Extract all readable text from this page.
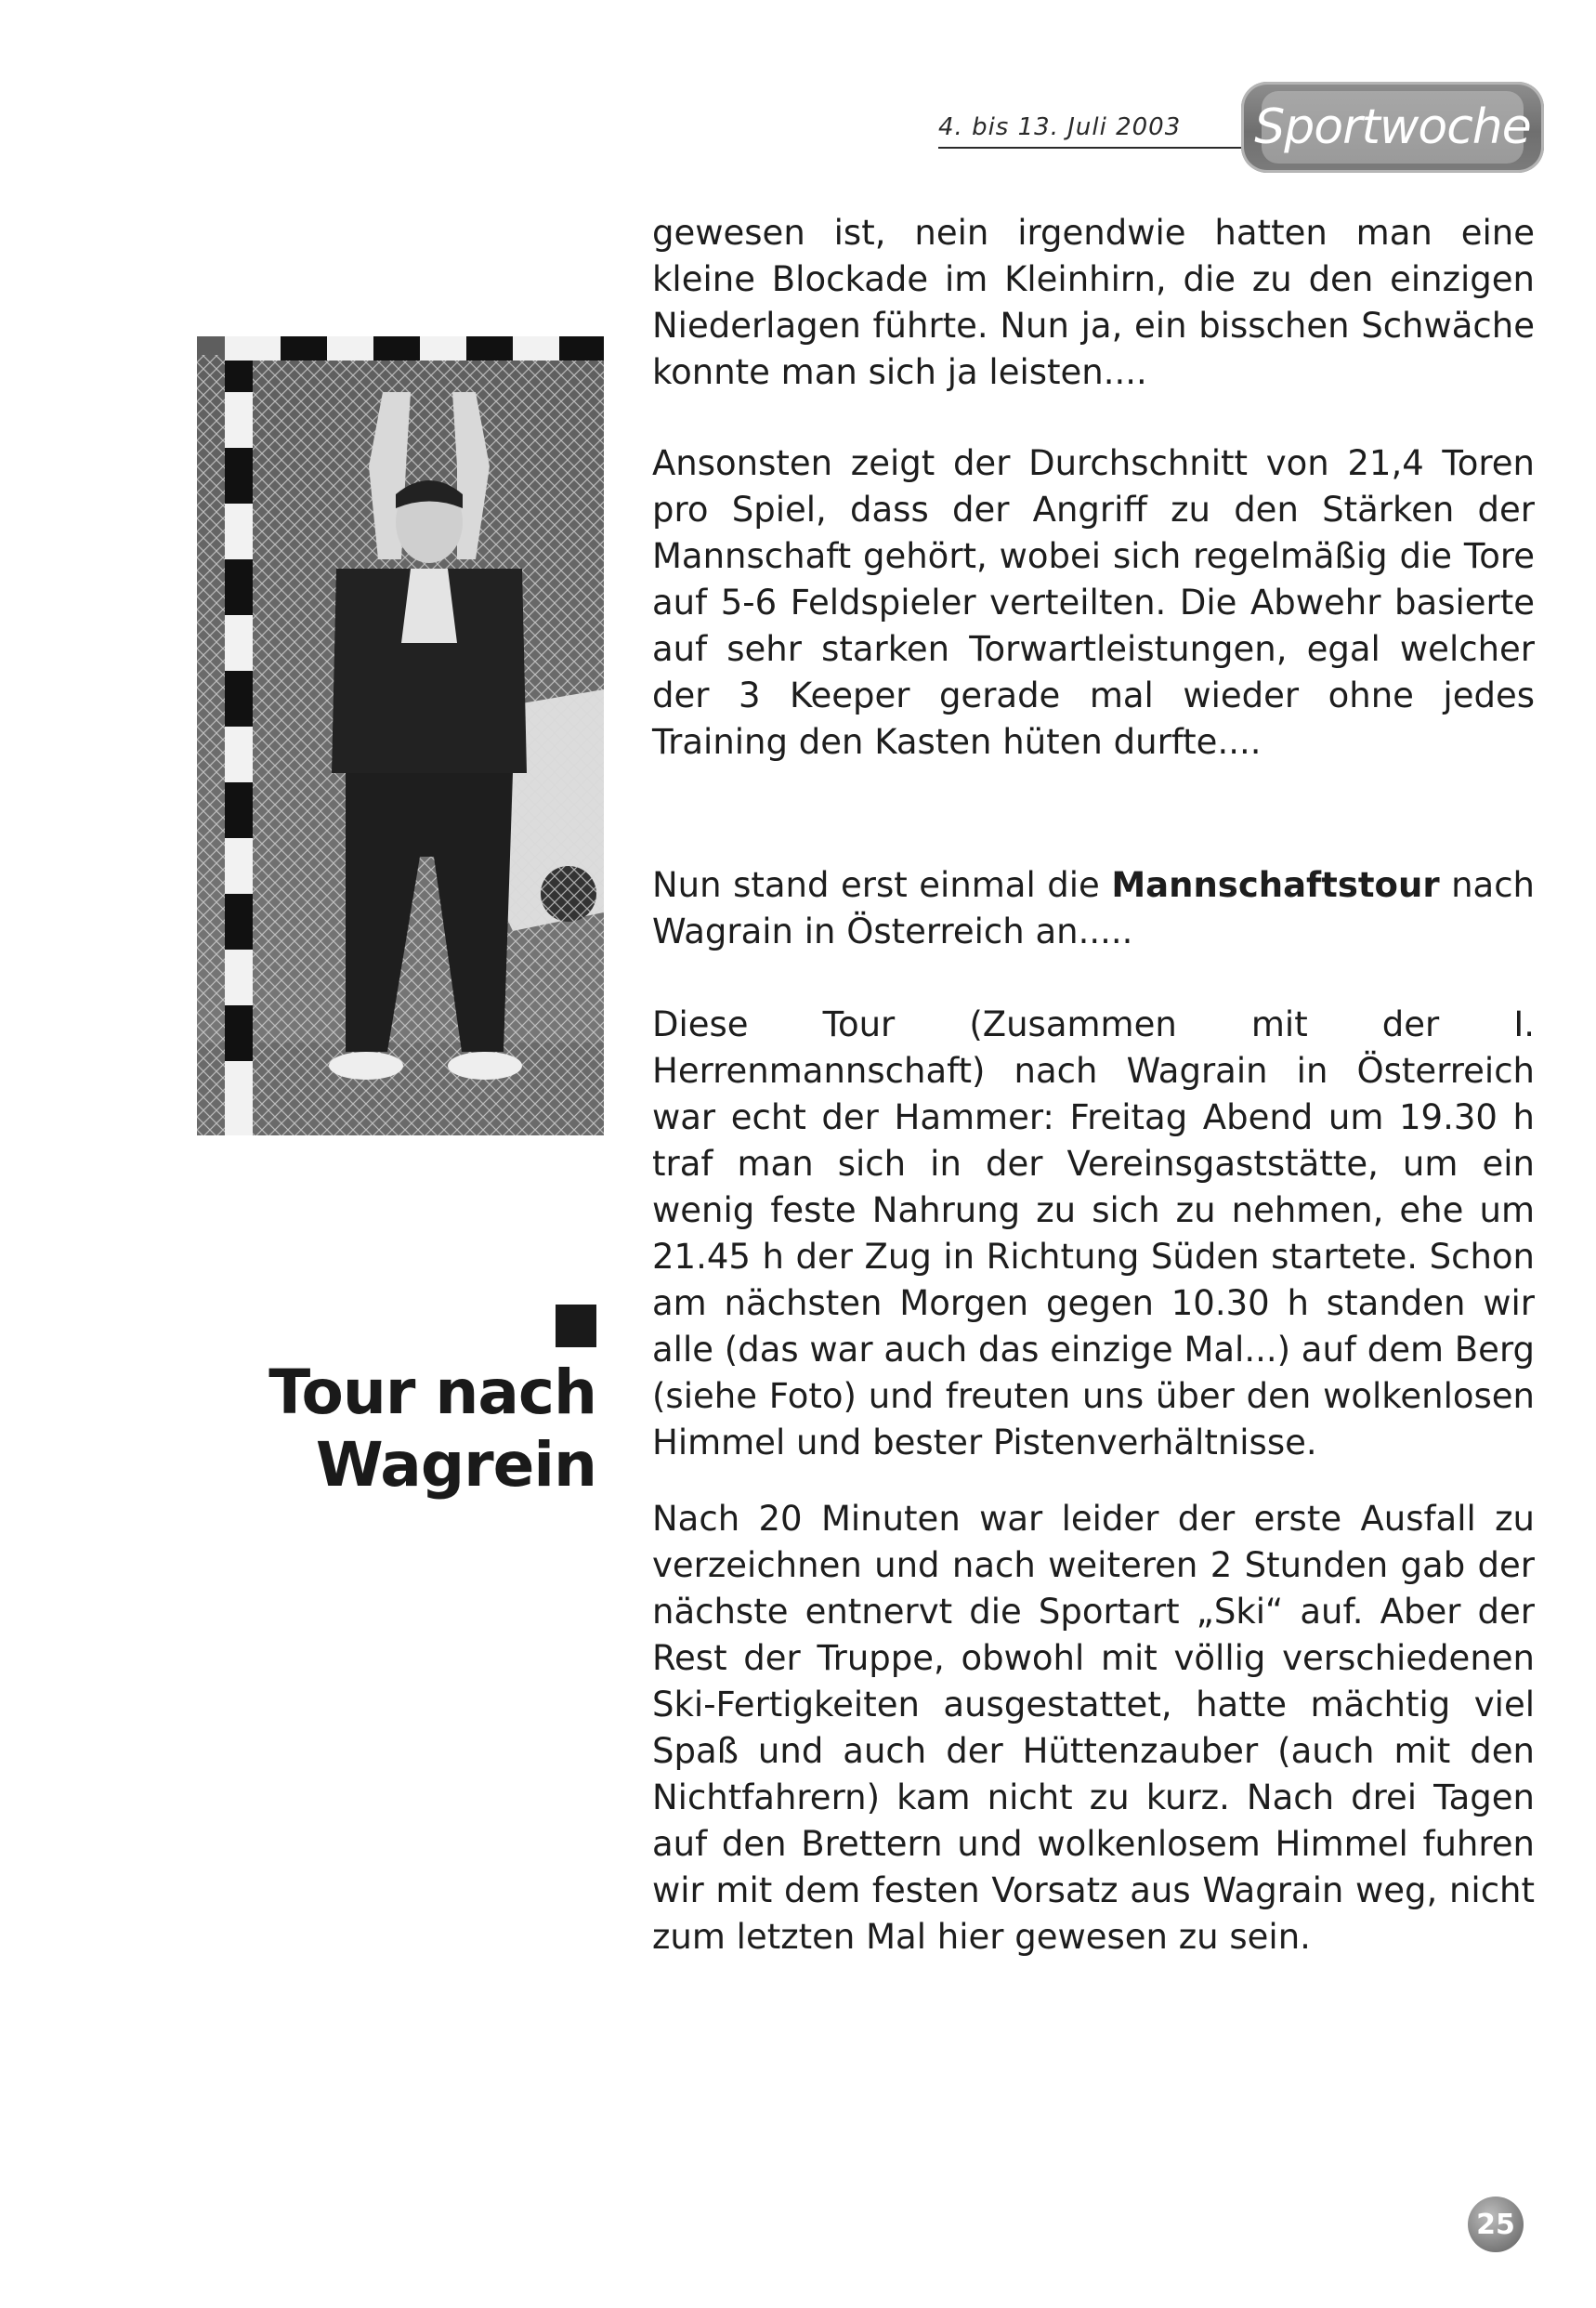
4. bis 13. Juli 2003 Sportwoche
Tour nach
Wagrein

gewesen ist, nein irgendwie hatten man eine kleine Blockade im Kleinhirn, die zu den einzigen Niederlagen führte. Nun ja, ein bisschen Schwäche konnte man sich ja leisten....

Ansonsten zeigt der Durchschnitt von 21,4 Toren pro Spiel, dass der Angriff zu den Stärken der Mannschaft gehört, wobei sich regelmäßig die Tore auf 5-6 Feldspieler verteilten. Die Abwehr basierte auf sehr starken Torwartleistungen, egal welcher der 3 Keeper gerade mal wieder ohne jedes Training den Kasten hüten durfte....

Nun stand erst einmal die Mannschaftstour nach Wagrain in Österreich an.....

Diese Tour (Zusammen mit der I. Herrenmannschaft) nach Wagrain in Österreich war echt der Hammer: Freitag Abend um 19.30 h traf man sich in der Vereinsgaststätte, um ein wenig feste Nahrung zu sich zu nehmen, ehe um 21.45 h der Zug in Richtung Süden startete. Schon am nächsten Morgen gegen 10.30 h standen wir alle (das war auch das einzige Mal...) auf dem Berg (siehe Foto) und freuten uns über den wolkenlosen Himmel und bester Pistenverhältnisse.

Nach 20 Minuten war leider der erste Ausfall zu verzeichnen und nach weiteren 2 Stunden gab der nächste entnervt die Sportart „Ski“ auf. Aber der Rest der Truppe, obwohl mit völlig verschiedenen Ski-Fertigkeiten ausgestattet, hatte mächtig viel Spaß und auch der Hüttenzauber (auch mit den Nichtfahrern) kam nicht zu kurz. Nach drei Tagen auf den Brettern und wolkenlosem Himmel fuhren wir mit dem festen Vorsatz aus Wagrain weg, nicht zum letzten Mal hier gewesen zu sein.

25
